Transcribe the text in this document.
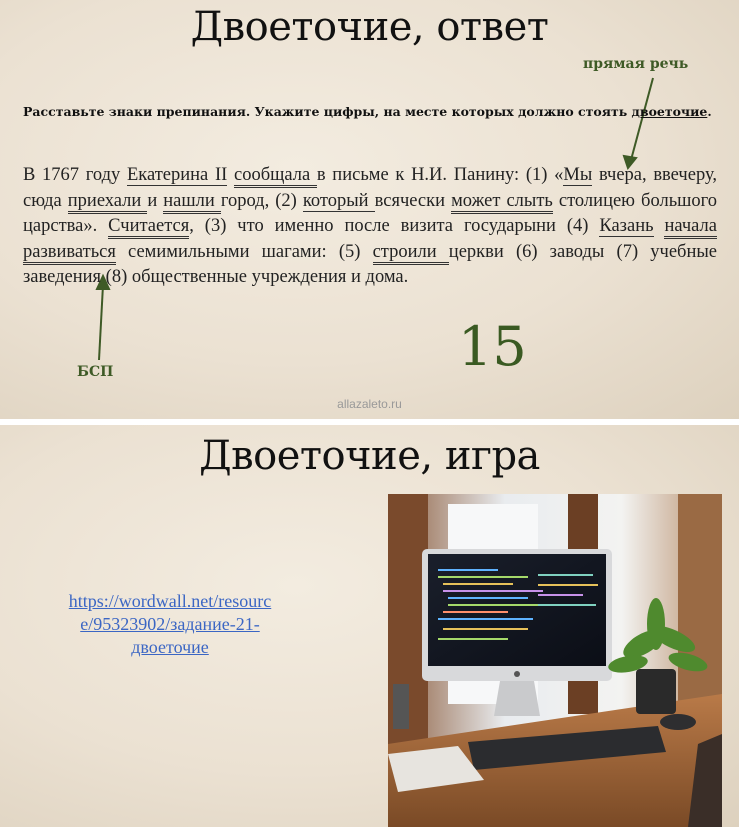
Двоеточие, ответ
прямая речь
Расставьте знаки препинания. Укажите цифры, на месте которых должно стоять двоеточие.
В 1767 году Екатерина II сообщала в письме к Н.И. Панину: (1) «Мы вчера, ввечеру, сюда приехали и нашли город, (2) который всячески может слыть столицею большого царства». Считается, (3) что именно после визита государыни (4) Казань начала развиваться семимильными шагами: (5) строили церкви (6) заводы (7) учебные заведения (8) общественные учреждения и дома.
БСП	15
allazaleto.ru
Двоеточие, игра
https://wordwall.net/resourc
e/95323902/задание-21-
двоеточие
